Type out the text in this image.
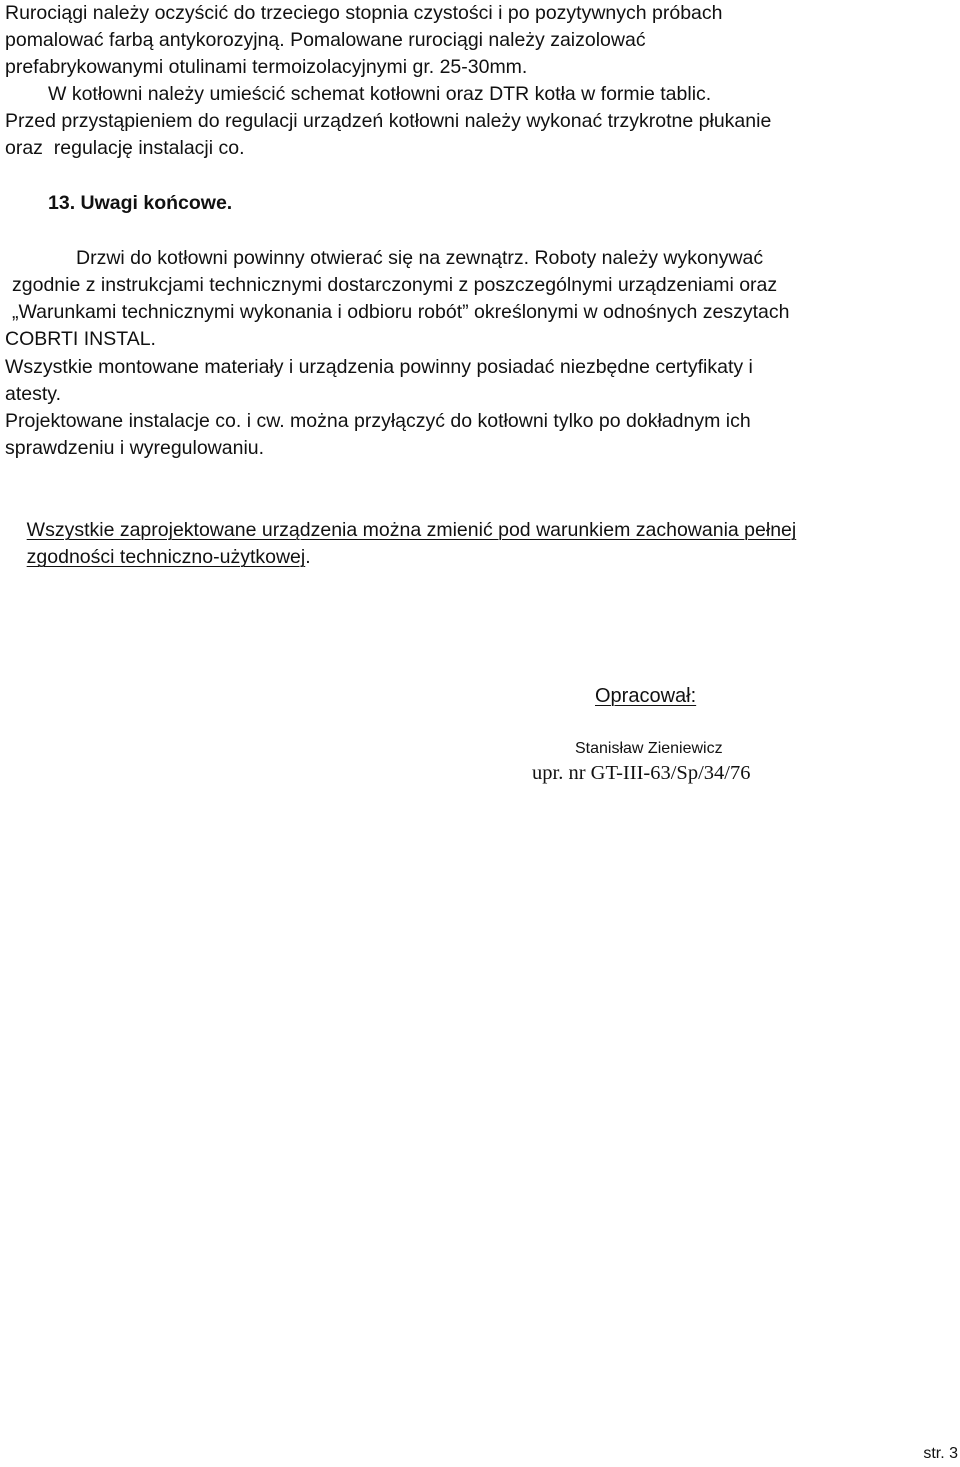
Rurociągi należy oczyścić do trzeciego stopnia czystości i po pozytywnych próbach
pomalować farbą antykorozyjną. Pomalowane rurociągi należy zaizolować
prefabrykowanymi otulinami termoizolacyjnymi gr. 25-30mm.
W kotłowni należy umieścić schemat kotłowni oraz DTR kotła w formie tablic.
Przed przystąpieniem do regulacji urządzeń kotłowni należy wykonać trzykrotne płukanie
oraz  regulację instalacji co.
13. Uwagi końcowe.
Drzwi do kotłowni powinny otwierać się na zewnątrz. Roboty należy wykonywać
zgodnie z instrukcjami technicznymi dostarczonymi z poszczególnymi urządzeniami oraz
„Warunkami technicznymi wykonania i odbioru robót” określonymi w odnośnych zeszytach
COBRTI INSTAL.
Wszystkie montowane materiały i urządzenia powinny posiadać niezbędne certyfikaty i
atesty.
Projektowane instalacje co. i cw. można przyłączyć do kotłowni tylko po dokładnym ich
sprawdzeniu i wyregulowaniu.

Wszystkie zaprojektowane urządzenia można zmienić pod warunkiem zachowania pełnej

zgodności techniczno-użytkowej.

Opracował:
Stanisław Zieniewicz
upr. nr GT-III-63/Sp/34/76
str. 3
